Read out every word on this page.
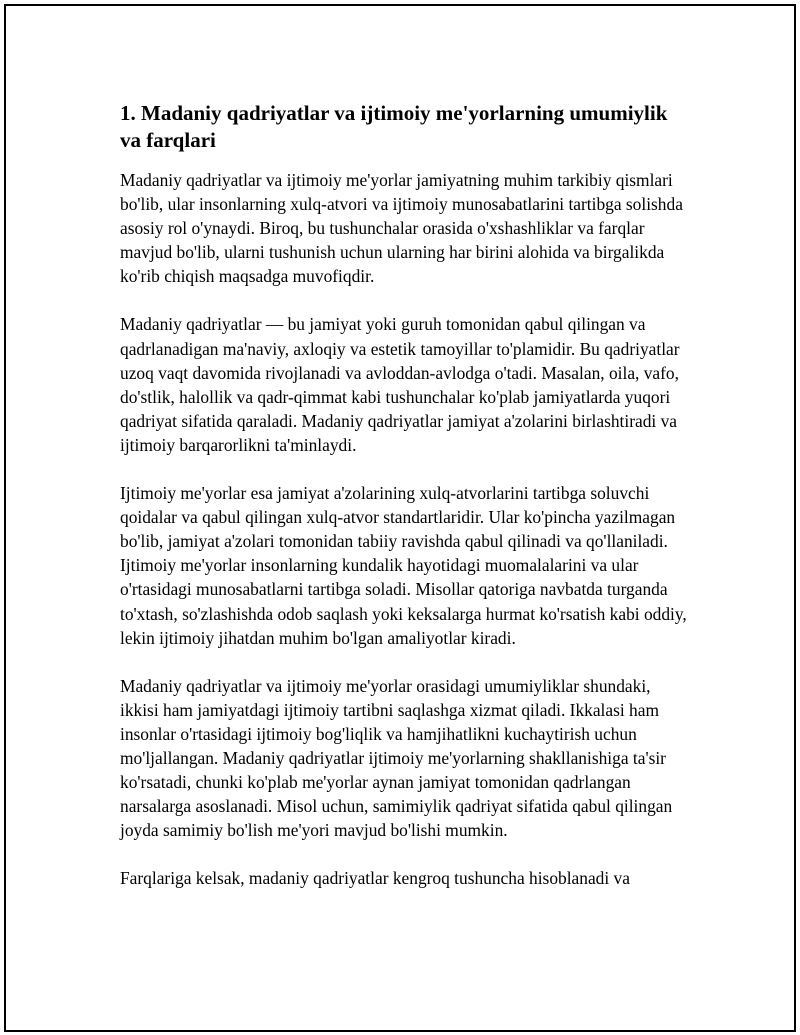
1. Madaniy qadriyatlar va ijtimoiy me'yorlarning umumiylik va farqlari

Madaniy qadriyatlar va ijtimoiy me'yorlar jamiyatning muhim tarkibiy qismlari bo'lib, ular insonlarning xulq-atvori va ijtimoiy munosabatlarini tartibga solishda asosiy rol o'ynaydi. Biroq, bu tushunchalar orasida o'xshashliklar va farqlar mavjud bo'lib, ularni tushunish uchun ularning har birini alohida va birgalikda ko'rib chiqish maqsadga muvofiqdir.

Madaniy qadriyatlar — bu jamiyat yoki guruh tomonidan qabul qilingan va qadrlanadigan ma'naviy, axloqiy va estetik tamoyillar to'plamidir. Bu qadriyatlar uzoq vaqt davomida rivojlanadi va avloddan-avlodga o'tadi. Masalan, oila, vafo, do'stlik, halollik va qadr-qimmat kabi tushunchalar ko'plab jamiyatlarda yuqori qadriyat sifatida qaraladi. Madaniy qadriyatlar jamiyat a'zolarini birlashtiradi va ijtimoiy barqarorlikni ta'minlaydi.

Ijtimoiy me'yorlar esa jamiyat a'zolarining xulq-atvorlarini tartibga soluvchi qoidalar va qabul qilingan xulq-atvor standartlaridir. Ular ko'pincha yazilmagan bo'lib, jamiyat a'zolari tomonidan tabiiy ravishda qabul qilinadi va qo'llaniladi. Ijtimoiy me'yorlar insonlarning kundalik hayotidagi muomalalarini va ular o'rtasidagi munosabatlarni tartibga soladi. Misollar qatoriga navbatda turganda to'xtash, so'zlashishda odob saqlash yoki keksalarga hurmat ko'rsatish kabi oddiy, lekin ijtimoiy jihatdan muhim bo'lgan amaliyotlar kiradi.

Madaniy qadriyatlar va ijtimoiy me'yorlar orasidagi umumiyliklar shundaki, ikkisi ham jamiyatdagi ijtimoiy tartibni saqlashga xizmat qiladi. Ikkalasi ham insonlar o'rtasidagi ijtimoiy bog'liqlik va hamjihatlikni kuchaytirish uchun mo'ljallangan. Madaniy qadriyatlar ijtimoiy me'yorlarning shakllanishiga ta'sir ko'rsatadi, chunki ko'plab me'yorlar aynan jamiyat tomonidan qadrlangan narsalarga asoslanadi. Misol uchun, samimiylik qadriyat sifatida qabul qilingan joyda samimiy bo'lish me'yori mavjud bo'lishi mumkin.

Farqlariga kelsak, madaniy qadriyatlar kengroq tushuncha hisoblanadi va
